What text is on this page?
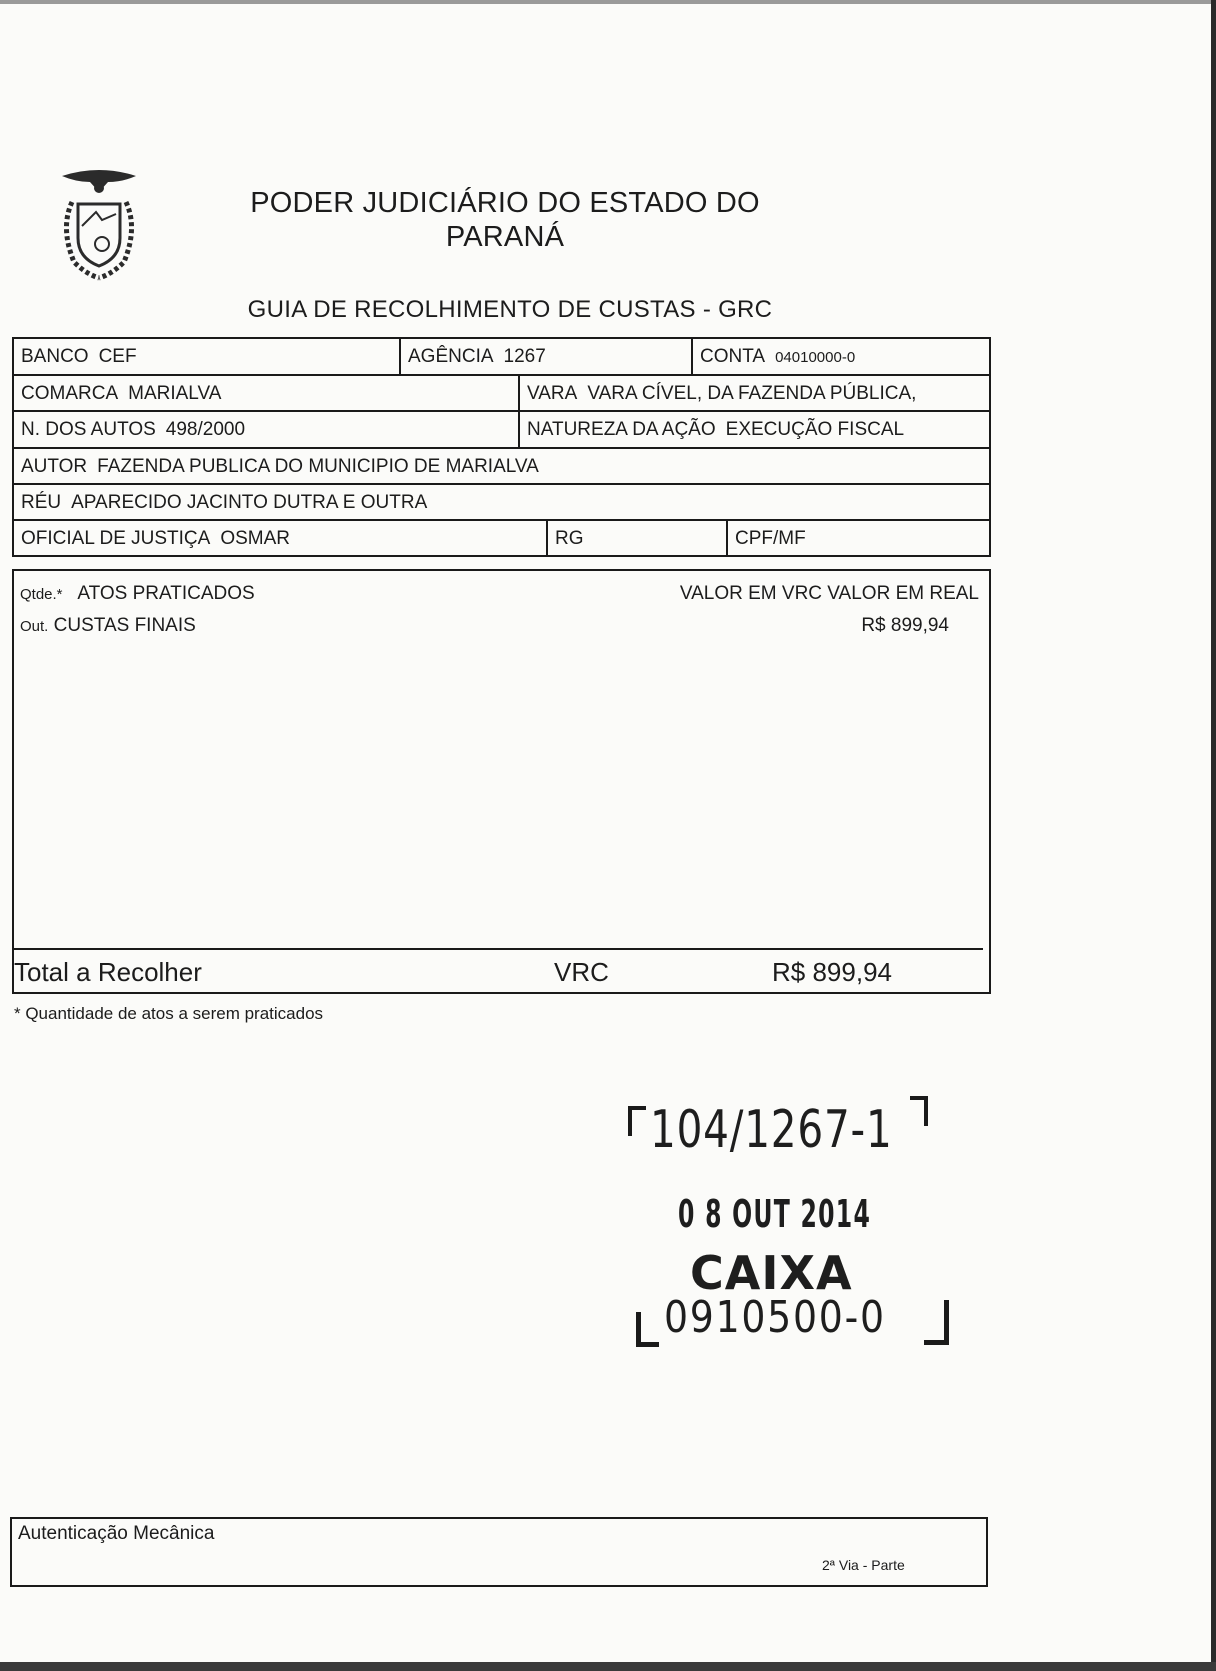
PODER JUDICIÁRIO DO ESTADO DO
PARANÁ
GUIA DE RECOLHIMENTO DE CUSTAS - GRC
BANCO CEF	AGÊNCIA 1267	CONTA 04010000-0
COMARCA MARIALVA	VARA VARA CÍVEL, DA FAZENDA PÚBLICA,
N. DOS AUTOS 498/2000	NATUREZA DA AÇÃO EXECUÇÃO FISCAL
AUTOR FAZENDA PUBLICA DO MUNICIPIO DE MARIALVA
RÉU APARECIDO JACINTO DUTRA E OUTRA
OFICIAL DE JUSTIÇA OSMAR	RG	CPF/MF
Qtde.* ATOS PRATICADOS	VALOR EM VRC VALOR EM REAL
Out. CUSTAS FINAIS	R$ 899,94
Total a Recolher	VRC	R$ 899,94
* Quantidade de atos a serem praticados
104/1267-1
0 8 OUT 2014
CAIXA
0910500-0
Autenticação Mecânica
2ª Via - Parte
